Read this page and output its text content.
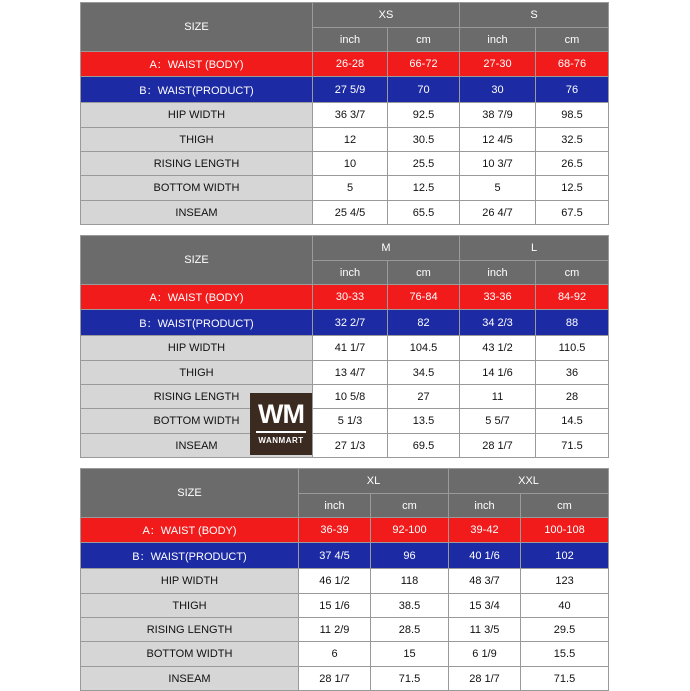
SIZE	XS		S	
	inch	cm	inch	cm
A：WAIST (BODY)	26-28	66-72	27-30	68-76
B：WAIST(PRODUCT)	27 5/9	70	30	76
HIP WIDTH	36 3/7	92.5	38 7/9	98.5
THIGH	12	30.5	12 4/5	32.5
RISING LENGTH	10	25.5	10 3/7	26.5
BOTTOM WIDTH	5	12.5	5	12.5
INSEAM	25 4/5	65.5	26 4/7	67.5
SIZE	M		L	
	inch	cm	inch	cm
A：WAIST (BODY)	30-33	76-84	33-36	84-92
B：WAIST(PRODUCT)	32 2/7	82	34 2/3	88
HIP WIDTH	41 1/7	104.5	43 1/2	110.5
THIGH	13 4/7	34.5	14 1/6	36
RISING LENGTH	10 5/8	27	11	28
BOTTOM WIDTH	5 1/3	13.5	5 5/7	14.5
INSEAM	27 1/3	69.5	28 1/7	71.5
SIZE	XL		XXL	
	inch	cm	inch	cm
A：WAIST (BODY)	36-39	92-100	39-42	100-108
B：WAIST(PRODUCT)	37 4/5	96	40 1/6	102
HIP WIDTH	46 1/2	118	48 3/7	123
THIGH	15 1/6	38.5	15 3/4	40
RISING LENGTH	11 2/9	28.5	11 3/5	29.5
BOTTOM WIDTH	6	15	6 1/9	15.5
INSEAM	28 1/7	71.5	28 1/7	71.5
WM
WANMART
